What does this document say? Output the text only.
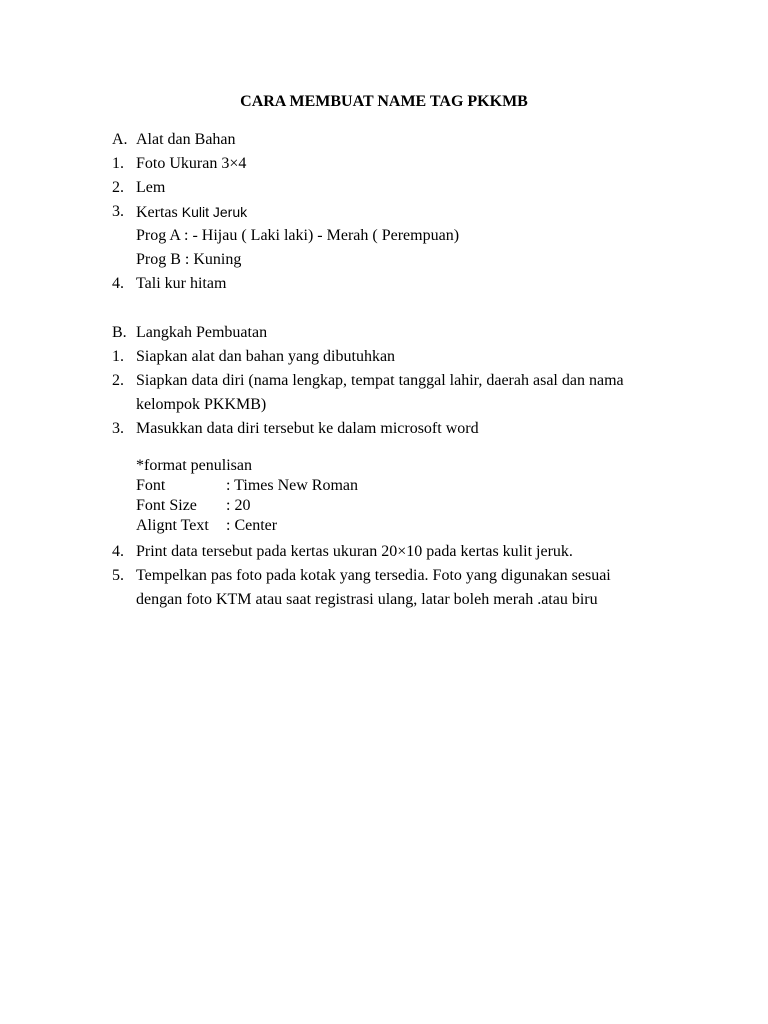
CARA MEMBUAT NAME TAG PKKMB
A. Alat dan Bahan
1. Foto Ukuran 3×4
2. Lem
3. Kertas Kulit Jeruk
Prog A : - Hijau ( Laki laki) - Merah ( Perempuan)
Prog B : Kuning
4. Tali kur hitam
B. Langkah Pembuatan
1. Siapkan alat dan bahan yang dibutuhkan
2. Siapkan data diri (nama lengkap, tempat tanggal lahir, daerah asal dan nama
kelompok PKKMB)
3. Masukkan data diri tersebut ke dalam microsoft word
*format penulisan
Font	: Times New Roman
Font Size	: 20
Alignt Text	: Center
4. Print data tersebut pada kertas ukuran 20×10 pada kertas kulit jeruk.
5. Tempelkan pas foto pada kotak yang tersedia. Foto yang digunakan sesuai
dengan foto KTM atau saat registrasi ulang, latar boleh merah .atau biru
